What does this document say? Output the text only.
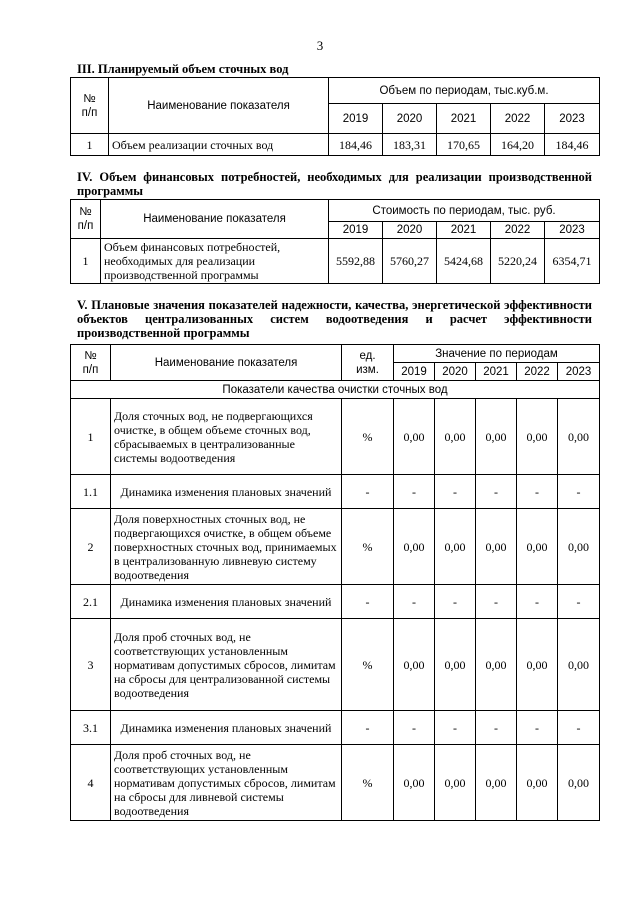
3
III. Планируемый объем сточных вод
№
п/п	Наименование показателя	Объем по периодам, тыс.куб.м.				
		2019	2020	2021	2022	2023
1	Объем реализации сточных вод	184,46	183,31	170,65	164,20	184,46
IV. Объем финансовых потребностей, необходимых для реализации производственной программы
№
п/п	Наименование показателя	Стоимость по периодам, тыс. руб.				
		2019	2020	2021	2022	2023
1	Объем финансовых потребностей, необходимых для реализации производственной программы	5592,88	5760,27	5424,68	5220,24	6354,71
V. Плановые значения показателей надежности, качества, энергетической эффективности объектов централизованных систем водоотведения и расчет эффективности производственной программы
№
п/п	Наименование показателя	ед.
изм.	Значение по периодам				
			2019	2020	2021	2022	2023
Показатели качества очистки сточных вод							
1	Доля сточных вод, не подвергающихся очистке, в общем объеме сточных вод, сбрасываемых в централизованные системы водоотведения	%	0,00	0,00	0,00	0,00	0,00
1.1	Динамика изменения плановых значений	-	-	-	-	-	-
2	Доля поверхностных сточных вод, не подвергающихся очистке, в общем объеме поверхностных сточных вод, принимаемых в централизованную ливневую систему водоотведения	%	0,00	0,00	0,00	0,00	0,00
2.1	Динамика изменения плановых значений	-	-	-	-	-	-
3	Доля проб сточных вод, не соответствующих установленным нормативам допустимых сбросов, лимитам на сбросы для централизованной системы водоотведения	%	0,00	0,00	0,00	0,00	0,00
3.1	Динамика изменения плановых значений	-	-	-	-	-	-
4	Доля проб сточных вод, не соответствующих установленным нормативам допустимых сбросов, лимитам на сбросы для ливневой системы водоотведения	%	0,00	0,00	0,00	0,00	0,00
